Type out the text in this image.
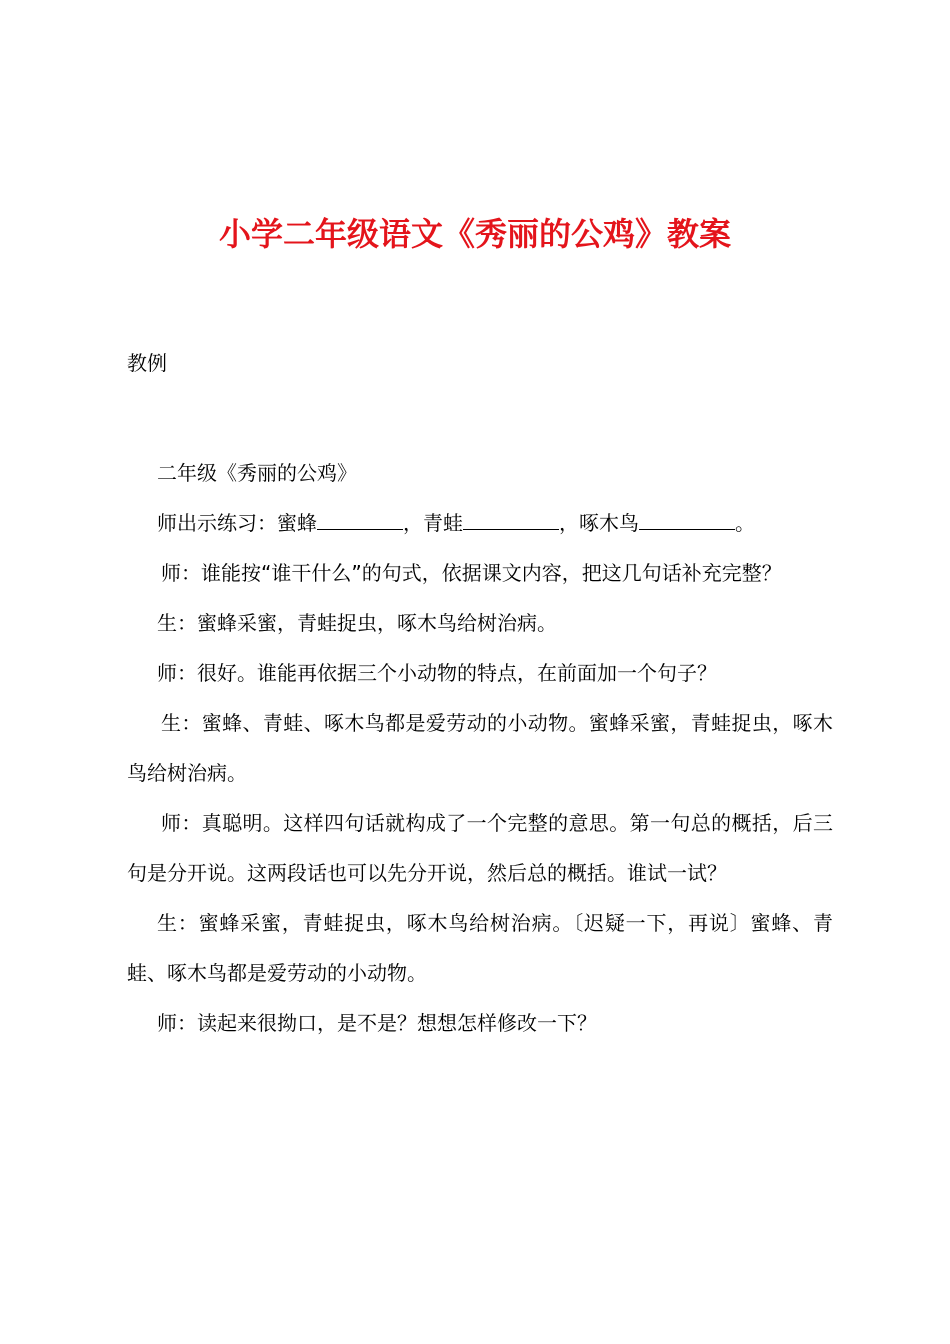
小学二年级语文《秀丽的公鸡》教案
教例

二年级《秀丽的公鸡》

师出示练习：蜜蜂	，青蛙	，啄木鸟	。

师：谁能按“谁干什么”的句式，依据课文内容，把这几句话补充完整？

生：蜜蜂采蜜，青蛙捉虫，啄木鸟给树治病。

师：很好。谁能再依据三个小动物的特点，在前面加一个句子？

生：蜜蜂、青蛙、啄木鸟都是爱劳动的小动物。蜜蜂采蜜，青蛙捉虫，啄木鸟给树治病。

师：真聪明。这样四句话就构成了一个完整的意思。第一句总的概括，后三句是分开说。这两段话也可以先分开说，然后总的概括。谁试一试？

生：蜜蜂采蜜，青蛙捉虫，啄木鸟给树治病。〔迟疑一下，再说〕蜜蜂、青蛙、啄木鸟都是爱劳动的小动物。

师：读起来很拗口，是不是？想想怎样修改一下？
